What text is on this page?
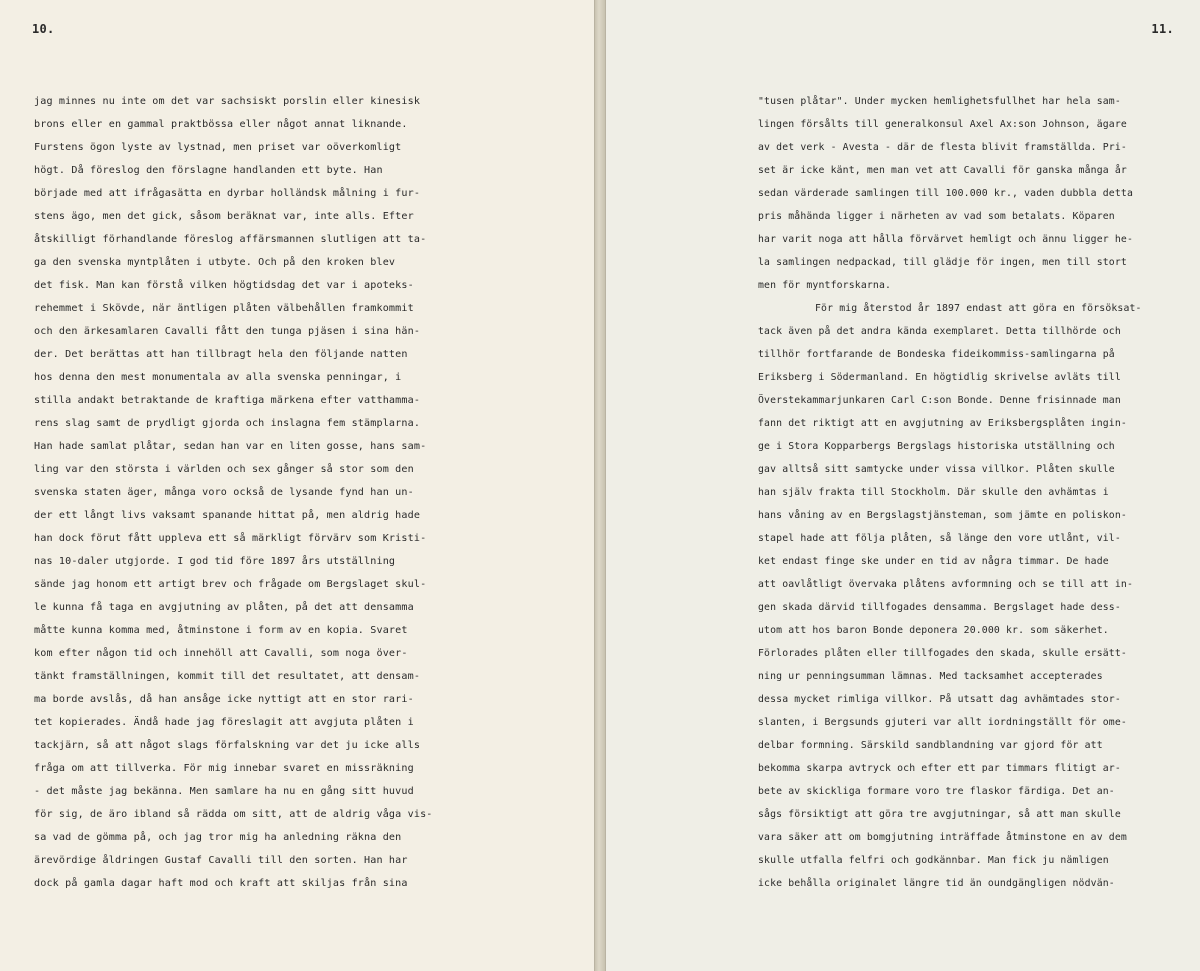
10.
jag minnes nu inte om det var sachsiskt porslin eller kinesisk
brons eller en gammal praktbössa eller något annat liknande.
Furstens ögon lyste av lystnad, men priset var oöverkomligt
högt. Då föreslog den förslagne handlanden ett byte. Han
började med att ifrågasätta en dyrbar holländsk målning i fur-
stens ägo, men det gick, såsom beräknat var, inte alls. Efter
åtskilligt förhandlande föreslog affärsmannen slutligen att ta-
ga den svenska myntplåten i utbyte. Och på den kroken blev
det fisk. Man kan förstå vilken högtidsdag det var i apoteks-
rehemmet i Skövde, när äntligen plåten välbehållen framkommit
och den ärkesamlaren Cavalli fått den tunga pjäsen i sina hän-
der. Det berättas att han tillbragt hela den följande natten
hos denna den mest monumentala av alla svenska penningar, i
stilla andakt betraktande de kraftiga märkena efter vatthamma-
rens slag samt de prydligt gjorda och inslagna fem stämplarna.
Han hade samlat plåtar, sedan han var en liten gosse, hans sam-
ling var den största i världen och sex gånger så stor som den
svenska staten äger, många voro också de lysande fynd han un-
der ett långt livs vaksamt spanande hittat på, men aldrig hade
han dock förut fått uppleva ett så märkligt förvärv som Kristi-
nas 10-daler utgjorde. I god tid före 1897 års utställning
sände jag honom ett artigt brev och frågade om Bergslaget skul-
le kunna få taga en avgjutning av plåten, på det att densamma
måtte kunna komma med, åtminstone i form av en kopia. Svaret
kom efter någon tid och innehöll att Cavalli, som noga över-
tänkt framställningen, kommit till det resultatet, att densam-
ma borde avslås, då han ansåge icke nyttigt att en stor rari-
tet kopierades. Ändå hade jag föreslagit att avgjuta plåten i
tackjärn, så att något slags förfalskning var det ju icke alls
fråga om att tillverka. För mig innebar svaret en missräkning
- det måste jag bekänna. Men samlare ha nu en gång sitt huvud
för sig, de äro ibland så rädda om sitt, att de aldrig våga vis-
sa vad de gömma på, och jag tror mig ha anledning räkna den
ärevördige åldringen Gustaf Cavalli till den sorten. Han har
dock på gamla dagar haft mod och kraft att skiljas från sina
11.
"tusen plåtar". Under mycken hemlighetsfullhet har hela sam-
lingen försålts till generalkonsul Axel Ax:son Johnson, ägare
av det verk - Avesta - där de flesta blivit framställda. Pri-
set är icke känt, men man vet att Cavalli för ganska många år
sedan värderade samlingen till 100.000 kr., vaden dubbla detta
pris måhända ligger i närheten av vad som betalats. Köparen
har varit noga att hålla förvärvet hemligt och ännu ligger he-
la samlingen nedpackad, till glädje för ingen, men till stort
men för myntforskarna.
För mig återstod år 1897 endast att göra en försöksat-
tack även på det andra kända exemplaret. Detta tillhörde och
tillhör fortfarande de Bondeska fideikommiss-samlingarna på
Eriksberg i Södermanland. En högtidlig skrivelse avläts till
Överstekammarjunkaren Carl C:son Bonde. Denne frisinnade man
fann det riktigt att en avgjutning av Eriksbergsplåten ingin-
ge i Stora Kopparbergs Bergslags historiska utställning och
gav alltså sitt samtycke under vissa villkor. Plåten skulle
han själv frakta till Stockholm. Där skulle den avhämtas i
hans våning av en Bergslagstjänsteman, som jämte en poliskon-
stapel hade att följa plåten, så länge den vore utlånt, vil-
ket endast finge ske under en tid av några timmar. De hade
att oavlåtligt övervaka plåtens avformning och se till att in-
gen skada därvid tillfogades densamma. Bergslaget hade dess-
utom att hos baron Bonde deponera 20.000 kr. som säkerhet.
Förlorades plåten eller tillfogades den skada, skulle ersätt-
ning ur penningsumman lämnas. Med tacksamhet accepterades
dessa mycket rimliga villkor. På utsatt dag avhämtades stor-
slanten, i Bergsunds gjuteri var allt iordningställt för ome-
delbar formning. Särskild sandblandning var gjord för att
bekomma skarpa avtryck och efter ett par timmars flitigt ar-
bete av skickliga formare voro tre flaskor färdiga. Det an-
sågs försiktigt att göra tre avgjutningar, så att man skulle
vara säker att om bomgjutning inträffade åtminstone en av dem
skulle utfalla felfri och godkännbar. Man fick ju nämligen
icke behålla originalet längre tid än oundgängligen nödvän-
